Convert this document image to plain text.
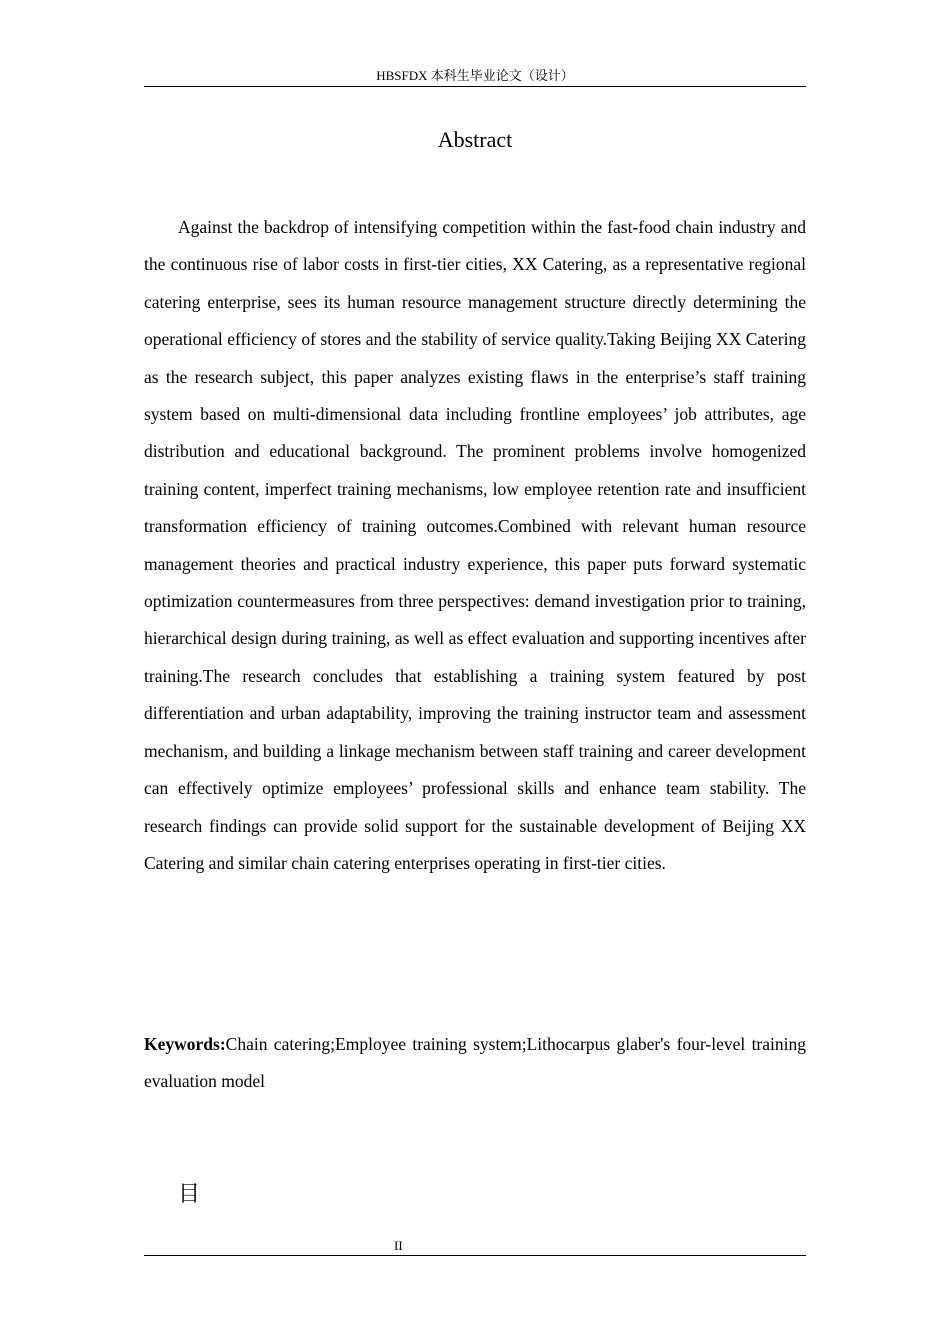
HBSFDX 本科生毕业论文（设计）
Abstract

Against the backdrop of intensifying competition within the fast-food chain industry and the continuous rise of labor costs in first-tier cities, XX Catering, as a representative regional catering enterprise, sees its human resource management structure directly determining the operational efficiency of stores and the stability of service quality.Taking Beijing XX Catering as the research subject, this paper analyzes existing flaws in the enterprise’s staff training system based on multi-dimensional data including frontline employees’ job attributes, age distribution and educational background. The prominent problems involve homogenized training content, imperfect training mechanisms, low employee retention rate and insufficient transformation efficiency of training outcomes.Combined with relevant human resource management theories and practical industry experience, this paper puts forward systematic optimization countermeasures from three perspectives: demand investigation prior to training, hierarchical design during training, as well as effect evaluation and supporting incentives after training.The research concludes that establishing a training system featured by post differentiation and urban adaptability, improving the training instructor team and assessment mechanism, and building a linkage mechanism between staff training and career development can effectively optimize employees’ professional skills and enhance team stability. The research findings can provide solid support for the sustainable development of Beijing XX Catering and similar chain catering enterprises operating in first-tier cities.

Keywords:Chain catering;Employee training system;Lithocarpus glaber's four-level training evaluation model

目
II
